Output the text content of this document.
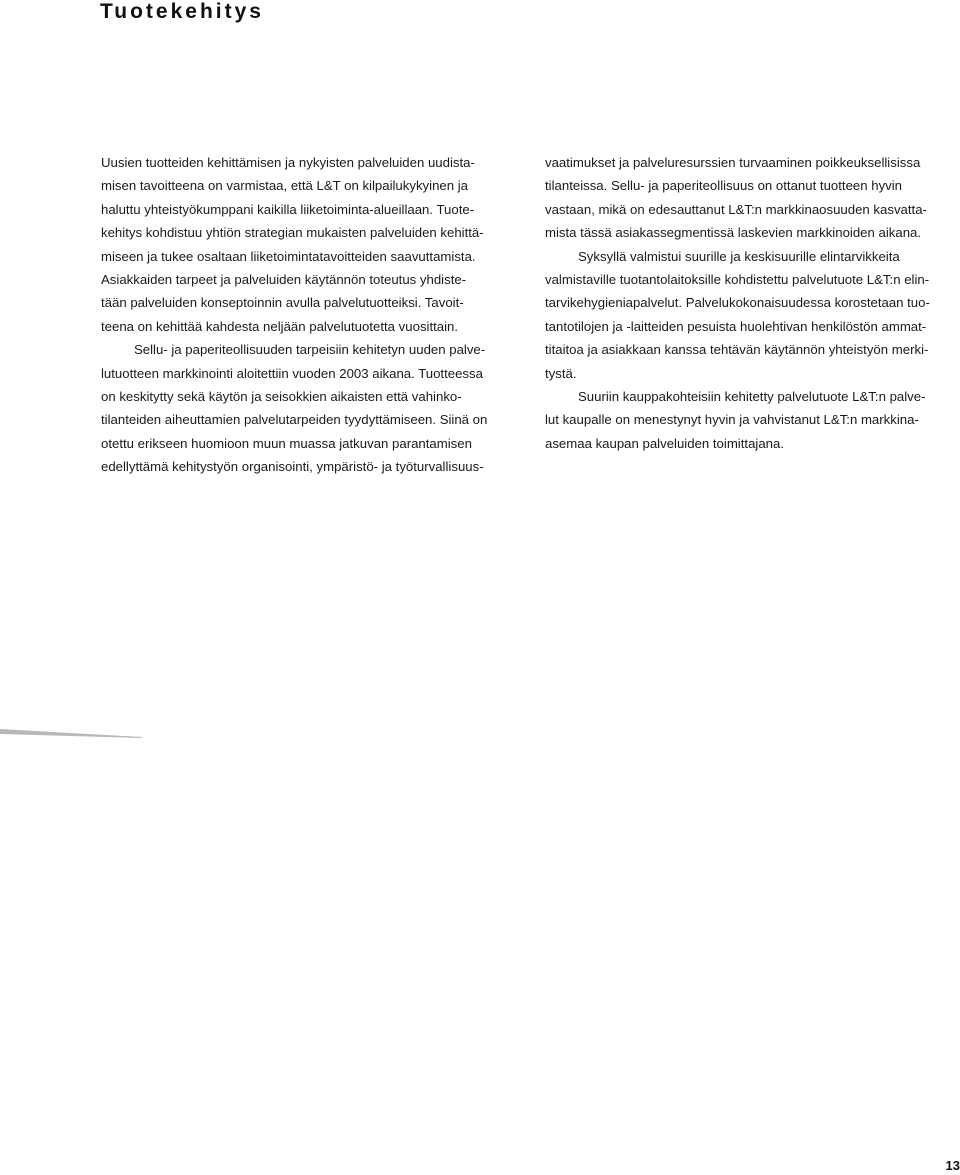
Tuotekehitys
Uusien tuotteiden kehittämisen ja nykyisten palveluiden uudista-
misen tavoitteena on varmistaa, että L&T on kilpailukykyinen ja
haluttu yhteistyökumppani kaikilla liiketoiminta-alueillaan. Tuote-
kehitys kohdistuu yhtiön strategian mukaisten palveluiden kehittä-
miseen ja tukee osaltaan liiketoimintatavoitteiden saavuttamista.
Asiakkaiden tarpeet ja palveluiden käytännön toteutus yhdiste-
tään palveluiden konseptoinnin avulla palvelutuotteiksi. Tavoit-
teena on kehittää kahdesta neljään palvelutuotetta vuosittain.
Sellu- ja paperiteollisuuden tarpeisiin kehitetyn uuden palve-
lutuotteen markkinointi aloitettiin vuoden 2003 aikana. Tuotteessa
on keskitytty sekä käytön ja seisokkien aikaisten että vahinko-
tilanteiden aiheuttamien palvelutarpeiden tyydyttämiseen. Siinä on
otettu erikseen huomioon muun muassa jatkuvan parantamisen
edellyttämä kehitystyön organisointi, ympäristö- ja työturvallisuus-
vaatimukset ja palveluresurssien turvaaminen poikkeuksellisissa
tilanteissa. Sellu- ja paperiteollisuus on ottanut tuotteen hyvin
vastaan, mikä on edesauttanut L&T:n markkinaosuuden kasvatta-
mista tässä asiakassegmentissä laskevien markkinoiden aikana.
Syksyllä valmistui suurille ja keskisuurille elintarvikkeita
valmistaville tuotantolaitoksille kohdistettu palvelutuote L&T:n elin-
tarvikehygieniapalvelut. Palvelukokonaisuudessa korostetaan tuo-
tantotilojen ja -laitteiden pesuista huolehtivan henkilöstön ammat-
titaitoa ja asiakkaan kanssa tehtävän käytännön yhteistyön merki-
tystä.
Suuriin kauppakohteisiin kehitetty palvelutuote L&T:n palve-
lut kaupalle on menestynyt hyvin ja vahvistanut L&T:n markkina-
asemaa kaupan palveluiden toimittajana.
13
